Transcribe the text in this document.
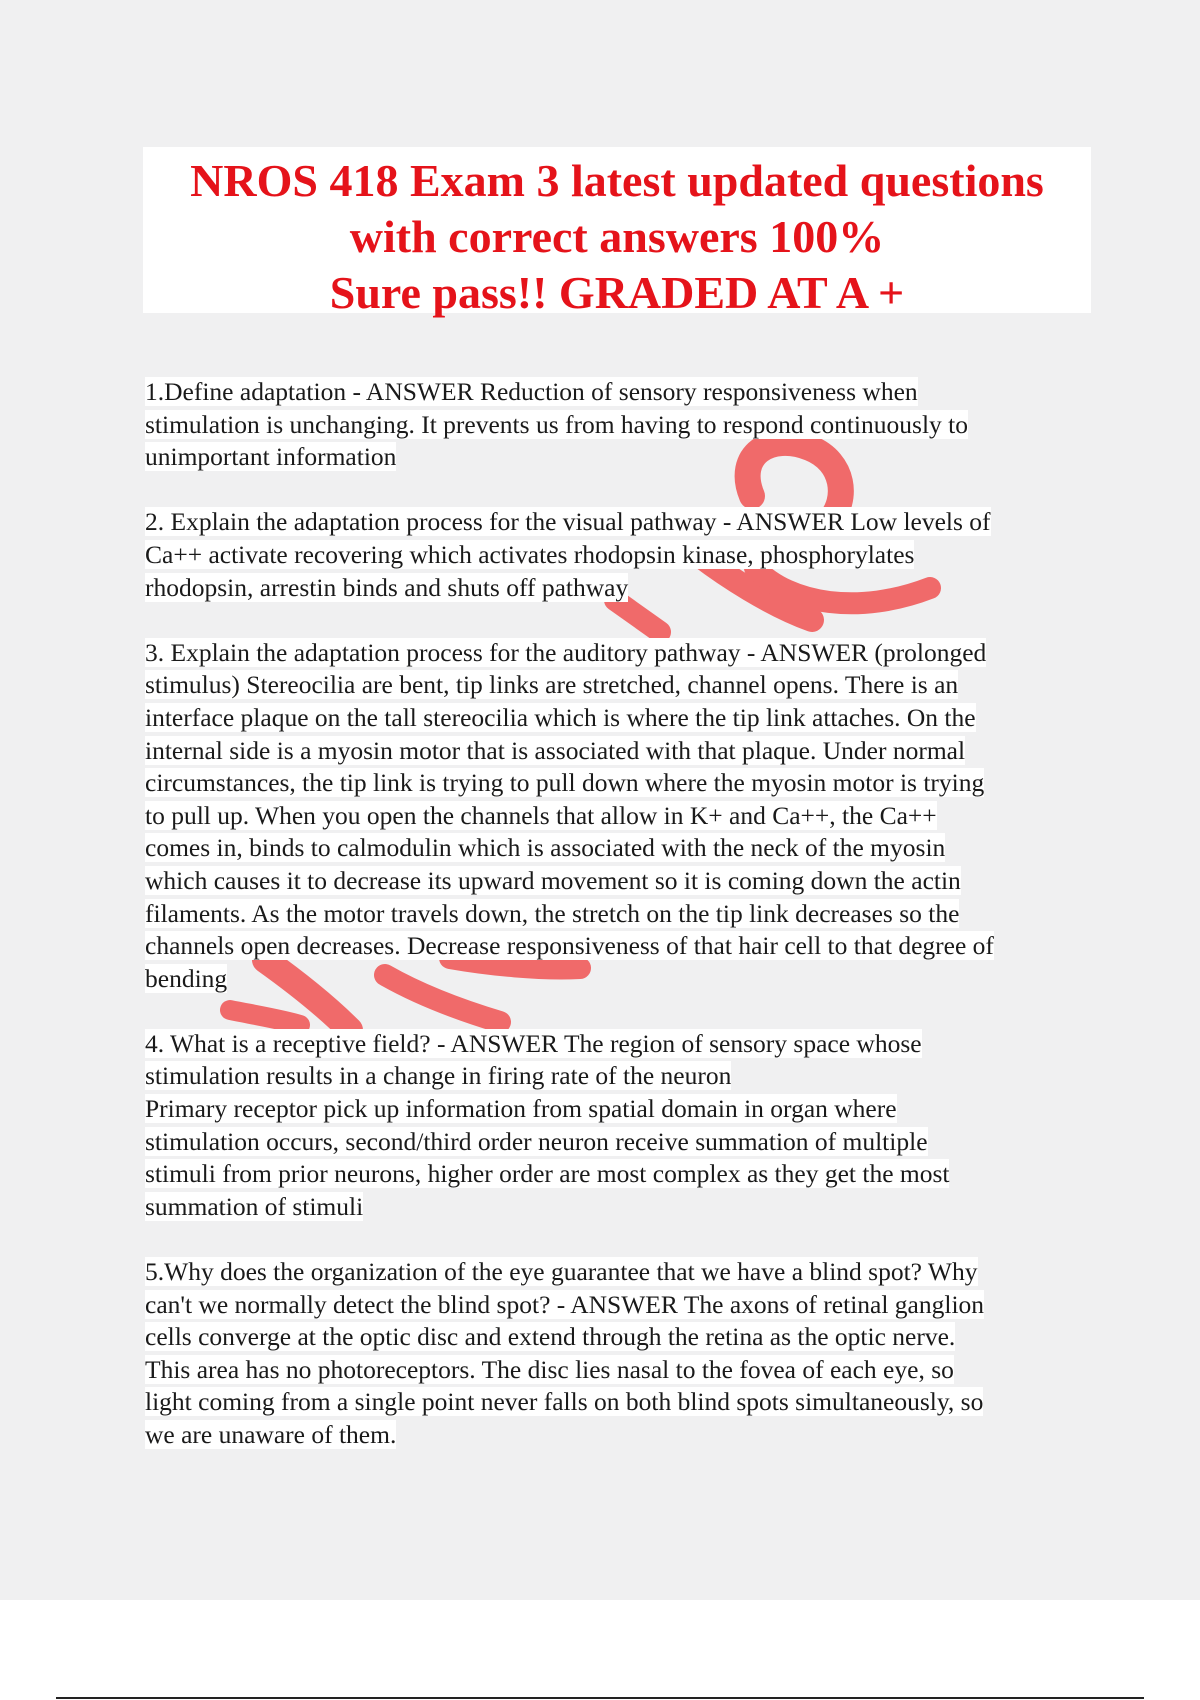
NROS 418 Exam 3 latest updated questions
with correct answers 100%
Sure pass!! GRADED AT A +
1.Define adaptation - ANSWER Reduction of sensory responsiveness when
stimulation is unchanging. It prevents us from having to respond continuously to
unimportant information
2. Explain the adaptation process for the visual pathway - ANSWER Low levels of
Ca++ activate recovering which activates rhodopsin kinase, phosphorylates
rhodopsin, arrestin binds and shuts off pathway
3. Explain the adaptation process for the auditory pathway - ANSWER (prolonged
stimulus) Stereocilia are bent, tip links are stretched, channel opens. There is an
interface plaque on the tall stereocilia which is where the tip link attaches. On the
internal side is a myosin motor that is associated with that plaque. Under normal
circumstances, the tip link is trying to pull down where the myosin motor is trying
to pull up. When you open the channels that allow in K+ and Ca++, the Ca++
comes in, binds to calmodulin which is associated with the neck of the myosin
which causes it to decrease its upward movement so it is coming down the actin
filaments. As the motor travels down, the stretch on the tip link decreases so the
channels open decreases. Decrease responsiveness of that hair cell to that degree of
bending
4. What is a receptive field? - ANSWER The region of sensory space whose
stimulation results in a change in firing rate of the neuron
Primary receptor pick up information from spatial domain in organ where
stimulation occurs, second/third order neuron receive summation of multiple
stimuli from prior neurons, higher order are most complex as they get the most
summation of stimuli
5.Why does the organization of the eye guarantee that we have a blind spot? Why
can't we normally detect the blind spot? - ANSWER The axons of retinal ganglion
cells converge at the optic disc and extend through the retina as the optic nerve.
This area has no photoreceptors. The disc lies nasal to the fovea of each eye, so
light coming from a single point never falls on both blind spots simultaneously, so
we are unaware of them.
